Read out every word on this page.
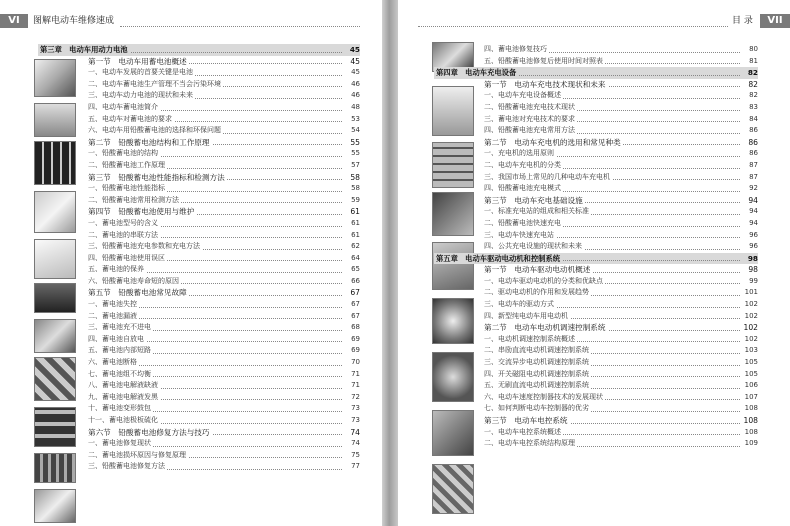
VI	图解电动车维修速成
第三章　电动车用动力电池	45
第一节　电动车用蓄电池概述	45
一、电动车发展的首要关键是电池	45
二、电动车蓄电池生产管理不当会污染环境	46
三、电动车动力电池的现状和未来	46
四、电动车蓄电池简介	48
五、电动车对蓄电池的要求	53
六、电动车用铅酸蓄电池的选择和环保问题	54
第二节　铅酸蓄电池结构和工作原理	55
一、铅酸蓄电池的结构	55
二、铅酸蓄电池工作原理	57
第三节　铅酸蓄电池性能指标和检测方法	58
一、铅酸蓄电池性能指标	58
二、铅酸蓄电池常用检测方法	59
第四节　铅酸蓄电池使用与维护	61
一、蓄电池型号的含义	61
二、蓄电池的串联方法	61
三、铅酸蓄电池充电参数和充电方法	62
四、铅酸蓄电池使用误区	64
五、蓄电池的保养	65
六、铅酸蓄电池寿命短的原因	66
第五节　铅酸蓄电池常见故障	67
一、蓄电池失控	67
二、蓄电池漏液	67
三、蓄电池充不进电	68
四、蓄电池自放电	69
五、蓄电池内部短路	69
六、蓄电池断格	70
七、蓄电池组不均衡	71
八、蓄电池电解液缺液	71
九、蓄电池电解液发黑	72
十、蓄电池变形鼓包	73
十一、蓄电池极板硫化	73
第六节　铅酸蓄电池修复方法与技巧	74
一、蓄电池修复现状	74
二、蓄电池损坏原因与修复原理	75
三、铅酸蓄电池修复方法	77
目 录	VII
四、蓄电池修复技巧	80
五、铅酸蓄电池修复后使用时间对照表	81
第四章　电动车充电设备	82
第一节　电动车充电技术现状和未来	82
一、电动车充电设备概述	82
二、铅酸蓄电池充电技术现状	83
三、蓄电池对充电技术的要求	84
四、铅酸蓄电池充电常用方法	86
第二节　电动车充电机的选用和常见种类	86
一、充电机的选用原则	86
二、电动车充电机的分类	87
三、我国市场上常见的几种电动车充电机	87
四、铅酸蓄电池充电模式	92
第三节　电动车充电基础设施	94
一、标准充电站的组成和相关标准	94
二、铅酸蓄电池快速充电	94
三、电动车快速充电站	96
四、公共充电设施的现状和未来	96
第五章　电动车驱动电动机和控制系统	98
第一节　电动车驱动电动机概述	98
一、电动车驱动电动机的分类和优缺点	99
二、驱动电动机的作用和发展趋势	101
三、电动车的驱动方式	102
四、新型纯电动车用电动机	102
第二节　电动车电动机调速控制系统	102
一、电动机调速控制系统概述	102
二、串励直流电动机调速控制系统	103
三、交流异步电动机调速控制系统	105
四、开关磁阻电动机调速控制系统	105
五、无刷直流电动机调速控制系统	106
六、电动车速度控制器技术的发展现状	107
七、如何判断电动车控制器的优劣	108
第三节　电动车电控系统	108
一、电动车电控系统概述	108
二、电动车电控系统结构原理	109
